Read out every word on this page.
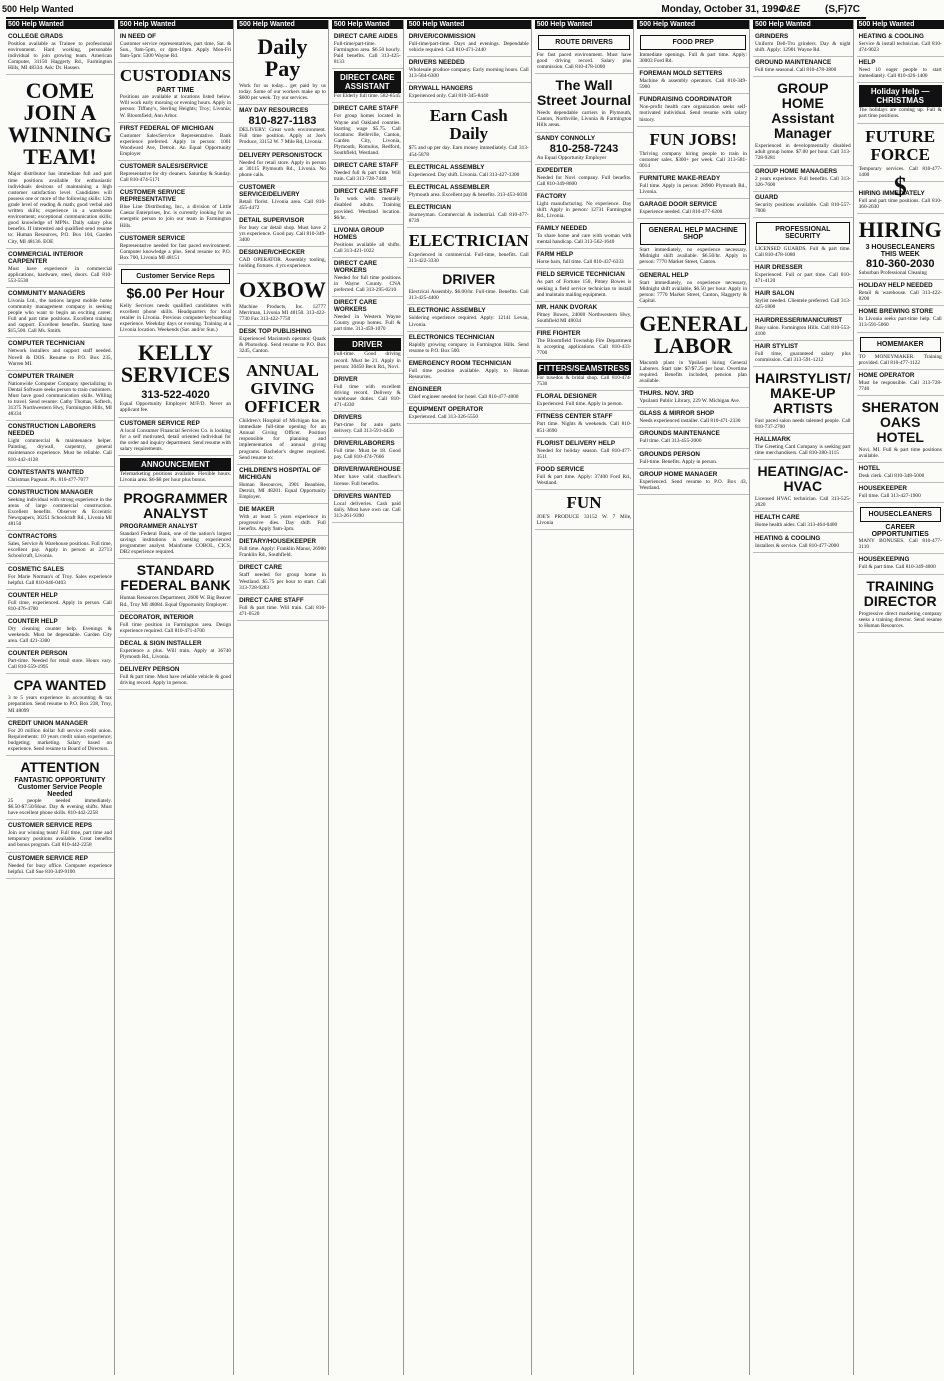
500 Help Wanted	Monday, October 31, 1994
O&E	(S,F)7C
500 Help Wanted
COLLEGE GRADS
Position available as Trainee to professional environment. Hard working, personable individual to join growing team. American Computer, 31150 Haggerty Rd., Farmington Hills, MI 48334. Ask: Dr. Hassen.
COME JOIN A WINNING TEAM!
Major distributor has immediate full and part time positions available for enthusiastic individuals desirous of maintaining a high customer satisfaction level. Candidates will possess one or more of the following skills: 12th grade level of reading & math; good verbal and written skills; experience in a warehouse environment; exceptional communication skills; good knowledge of MPNs. Daily salary plus benefits. If interested and qualified send resume to: Human Resources, P.O. Box 104, Garden City, MI 48136. EOE
COMMERCIAL INTERIOR CARPENTER
Must have experience in commercial applications, hardware, steel, doors. Call 810-553-5530
COMMUNITY MANAGERS
Livonia Ltd., the nations largest mobile home community management company is seeking people who want to begin an exciting career. Full and part time positions. Excellent training and support. Excellent benefits. Starting base $15,500. Call Ms. Smith.
COMPUTER TECHNICIAN
Network installers and support staff needed. Novell & DOS. Resume to P.O. Box 235, Warren MI.
COMPUTER TRAINER
Nationwide Computer Company specializing in Dental Software seeks person to train customers. Must have good communication skills. Willing to travel. Send resume: Cathy Thomas, Softech, 31375 Northwestern Hwy, Farmington Hills, MI 48334
CONSTRUCTION LABORERS NEEDED
Light commercial & maintenance helper. Painting, drywall, carpentry, general maintenance experience. Must be reliable. Call 810-442-4128
CONTESTANTS WANTED
Christmas Pageant. Ph. 810-477-7077
CONSTRUCTION MANAGER
Seeking individual with strong experience in the areas of large commercial construction. Excellent benefits. Observer & Eccentric Newspapers, 36251 Schoolcraft Rd., Livonia MI 48150
CONTRACTORS
Sales, Service & Warehouse positions. Full time, excellent pay. Apply in person at 22713 Schoolcraft, Livonia.
COSMETIC SALES
For Marie Norman's of Troy. Sales experience helpful. Call 810-646-0403
COUNTER HELP
Full time, experienced. Apply in person. Call 810-476-4700
COUNTER HELP
Dry cleaning counter help. Evenings & weekends. Must be dependable. Garden City area. Call 421-3300
COUNTER PERSON
Part-time. Needed for retail store. Hours vary. Call 810-559-1995
CPA WANTED
3 to 5 years experience in accounting & tax preparation. Send resume to P.O. Box 238, Troy, MI 48099
CREDIT UNION MANAGER
For 20 million dollar full service credit union. Requirements: 10 years credit union experience; budgeting; marketing. Salary based on experience. Send resume to Board of Directors.
ATTENTION
FANTASTIC OPPORTUNITY Customer Service People Needed
25 people needed immediately. $6.50-$7.50/Hour. Day & evening shifts. Must have excellent phone skills. 810-442-2258
CUSTOMER SERVICE REPS
Join our winning team! Full time, part time and temporary positions available. Great benefits and bonus program. Call 810-442-2258
CUSTOMER SERVICE REP
Needed for busy office. Computer experience helpful. Call Sue 810-349-9100
500 Help Wanted
IN NEED OF
Customer service representatives, part time, Sat. & Sun., 9am-5pm, or 4pm-10pm. Apply Mon-Fri 9am-5pm: 5300 Wayne Rd.
CUSTODIANS
PART TIME
Positions are available at locations listed below. Will work early morning or evening hours. Apply in person: Tiffany's, Sterling Heights; Troy; Livonia; W. Bloomfield; Ann Arbor.
FIRST FEDERAL OF MICHIGAN
Customer Sales/Service Representative. Bank experience preferred. Apply in person: 1001 Woodward Ave, Detroit. An Equal Opportunity Employer
CUSTOMER SALES/SERVICE
Representative for dry cleaners. Saturday & Sunday. Call 810-474-5171
CUSTOMER SERVICE REPRESENTATIVE
Blue Line Distributing, Inc., a division of Little Caesar Enterprises, Inc. is currently looking for an energetic person to join our team in Farmington Hills.
CUSTOMER SERVICE
Representative needed for fast paced environment. Computer knowledge a plus. Send resume to: P.O. Box 700, Livonia MI 48151
Customer Service Reps
$6.00 Per Hour
Kelly Services needs qualified candidates with excellent phone skills. Headquarters for local retailer in Livonia. Previous computer/keyboarding experience. Weekday days or evening. Training at a Livonia location. Weekends (Sat. and/or Sun.)
KELLY SERVICES
313-522-4020
Equal Opportunity Employer M/F/D. Never an applicant fee.
CUSTOMER SERVICE REP
A local Consumer Financial Services Co. is looking for a self motivated, detail oriented individual for the order and inquiry department. Send resume with salary requirements.
ANNOUNCEMENT
Telemarketing positions available. Flexible hours. Livonia area. $6-$8 per hour plus bonus.
PROGRAMMER ANALYST
PROGRAMMER ANALYST
Standard Federal Bank, one of the nation's largest savings institutions is seeking experienced programmer analyst. Mainframe COBOL, CICS, DB2 experience required.
STANDARD FEDERAL BANK
Human Resources Department, 2600 W. Big Beaver Rd., Troy MI 48084. Equal Opportunity Employer.
DECORATOR, INTERIOR
Full time position in Farmington area. Design experience required. Call 810-471-4700
DECAL & SIGN INSTALLER
Experience a plus. Will train. Apply at 36740 Plymouth Rd., Livonia.
DELIVERY PERSON
Full & part time. Must have reliable vehicle & good driving record. Apply in person.
500 Help Wanted
Daily Pay
Work for us today... get paid by us today. Some of our workers make up to $600 per week. Try our services.
MAY DAY RESOURCES
810-827-1183
DELIVERY: Great work environment. Full time position. Apply at Joe's Produce, 33152 W. 7 Mile Rd, Livonia.
DELIVERY PERSON/STOCK
Needed for retail store. Apply in person at 30115 Plymouth Rd., Livonia. No phone calls.
CUSTOMER SERVICE/DELIVERY
Retail florist. Livonia area. Call 810-455-4472
DETAIL SUPERVISOR
For busy car detail shop. Must have 2 yrs experience. Good pay. Call 810-349-3400
DESIGNER/CHECKER
CAD OPERATOR. Assembly tooling, holding fixtures. 4 yrs experience.
OXBOW
Machine Products, Inc. 12777 Merriman, Livonia MI 48150. 313-422-7730 Fax 313-422-7750
DESK TOP PUBLISHING
Experienced Macintosh operator. Quark & Photoshop. Send resume to P.O. Box 3245, Canton.
ANNUAL GIVING OFFICER
Children's Hospital of Michigan has an immediate full-time opening for an Annual Giving Officer. Position responsible for planning and implementation of annual giving programs. Bachelor's degree required. Send resume to:
CHILDREN'S HOSPITAL OF MICHIGAN
Human Resources, 3901 Beaubien, Detroit, MI 48201. Equal Opportunity Employer.
DIE MAKER
With at least 5 years experience in progressive dies. Day shift. Full benefits. Apply 9am-3pm.
DIETARY/HOUSEKEEPER
Full time. Apply: Franklin Manor, 26900 Franklin Rd., Southfield.
DIRECT CARE
Staff needed for group home in Westland. $5.75 per hour to start. Call 313-728-9283
DIRECT CARE STAFF
Full & part time. Will train. Call 810-471-0520
500 Help Wanted
DIRECT CARE AIDES
Full-time/part-time. Farmington area. $6.50 hourly. Paid benefits. Call 313-425-8133
DIRECT CARE ASSISTANT
For Elderly full time. 582-8545
DIRECT CARE STAFF
For group homes located in Wayne and Oakland counties. Starting wage $5.75. Call locations: Belleville, Canton, Garden City, Livonia, Plymouth, Romulus, Redford, Southfield, Westland.
DIRECT CARE STAFF
Needed full & part time. Will train. Call 313-728-7440
DIRECT CARE STAFF
To work with mentally disabled adults. Training provided. Westland location. $6/hr.
LIVONIA GROUP HOMES
Positions available all shifts. Call 313-421-1022
DIRECT CARE WORKERS
Needed for full time positions in Wayne County. CNA preferred. Call 313-295-0210
DIRECT CARE WORKERS
Needed in Western Wayne County group homes. Full & part time. 313-459-1070
DRIVER
Full-time. Good driving record. Must be 21. Apply in person: 30450 Beck Rd., Novi.
DRIVER
Full time with excellent driving record. Delivery & warehouse duties. Call 810-471-4330
DRIVERS
Part-time for auto parts delivery. Call 313-591-4430
DRIVER/LABORERS
Full time. Must be 18. Good pay. Call 810-474-7666
DRIVER/WAREHOUSE
Must have valid chauffeur's license. Full benefits.
DRIVERS WANTED
Local deliveries. Cash paid daily. Must have own car. Call 313-261-9390
500 Help Wanted
DRIVER/COMMISSION
Full-time/part-time. Days and evenings. Dependable vehicle required. Call 810-471-2440
DRIVERS NEEDED
Wholesale produce company. Early morning hours. Call 313-584-6300
DRYWALL HANGERS
Experienced only. Call 810-345-8440
Earn Cash Daily
$75 and up per day. Earn money immediately. Call 313-454-5878
ELECTRICAL ASSEMBLY
Experienced. Day shift. Livonia. Call 313-427-1300
ELECTRICAL ASSEMBLER
Plymouth area. Excellent pay & benefits. 313-453-6030
ELECTRICIAN
Journeyman. Commercial & industrial. Call 810-477-8739
ELECTRICIAN
Experienced in commercial. Full-time, benefits. Call 313-422-3330
DRIVER
Electrical Assembly. $6.00/hr. Full-time. Benefits. Call 313-425-4400
ELECTRONIC ASSEMBLY
Soldering experience required. Apply: 12141 Levan, Livonia.
ELECTRONICS TECHNICIAN
Rapidly growing company in Farmington Hills. Send resume to P.O. Box 500.
EMERGENCY ROOM TECHNICIAN
Full time position available. Apply to Human Resources.
ENGINEER
Chief engineer needed for hotel. Call 810-477-4000
EQUIPMENT OPERATOR
Experienced. Call 313-326-5550
500 Help Wanted
ROUTE DRIVERS
For fast paced environment. Must have good driving record. Salary plus commission. Call 810-478-1000
The Wall Street Journal
Needs dependable carriers in Plymouth, Canton, Northville, Livonia & Farmington Hills areas.
SANDY CONNOLLY
810-258-7243
An Equal Opportunity Employer
EXPEDITER
Needed for Novi company. Full benefits. Call 810-349-8600
FACTORY
Light manufacturing. No experience. Day shift. Apply in person: 12731 Farmington Rd., Livonia.
FAMILY NEEDED
To share home and care with woman with mental handicap. Call 313-562-1640
FARM HELP
Horse barn, full time. Call 810-437-6333
FIELD SERVICE TECHNICIAN
As part of Fortune 150, Pitney Bowes is seeking a field service technician to install and maintain mailing equipment.
MR. HANK DVORAK
Pitney Bowes, 24000 Northwestern Hwy, Southfield MI 48034
FIRE FIGHTER
The Bloomfield Township Fire Department is accepting applications. Call 810-433-7700
FITTERS/SEAMSTRESS
For tuxedos & bridal shop. Call 810-474-7530
FLORAL DESIGNER
Experienced. Full time. Apply in person.
FITNESS CENTER STAFF
Part time. Nights & weekends. Call 810-851-3690
FLORIST DELIVERY HELP
Needed for holiday season. Call 810-477-3511
FOOD SERVICE
Full & part time. Apply: 37400 Ford Rd., Westland.
FUN
JOE'S PRODUCE 33152 W. 7 Mile, Livonia
500 Help Wanted
FOOD PREP
Immediate openings. Full & part time. Apply: 30003 Ford Rd.
FOREMAN MOLD SETTERS
Machine & assembly operators. Call 810-349-5900
FUNDRAISING COORDINATOR
Non-profit health care organization seeks self-motivated individual. Send resume with salary history.
FUN JOBS!
Thriving company hiring people to train in customer sales. $300+ per week. Call 313-581-0014
FURNITURE MAKE-READY
Full time. Apply in person: 28900 Plymouth Rd., Livonia.
GARAGE DOOR SERVICE
Experience needed. Call 810-477-6200
GENERAL HELP MACHINE SHOP
Start immediately, no experience necessary. Midnight shift available. $6.50/hr. Apply in person: 7770 Market Street, Canton.
GENERAL HELP
Start immediately, no experience necessary, Midnight shift available, $6.50 per hour. Apply in person: 7770 Market Street, Canton, Haggerty & Capital.
GENERAL LABOR
Macomb plant in Ypsilanti hiring General Laborers. Start rate: $7/$7.25 per hour. Overtime required. Benefits included, pension plan available.
THURS. NOV. 3RD
Ypsilanti Public Library, 229 W. Michigan Ave.
GLASS & MIRROR SHOP
Needs experienced installer. Call 810-471-2330
GROUNDS MAINTENANCE
Full time. Call 313-455-2000
GROUNDS PERSON
Full-time. Benefits. Apply in person.
GROUP HOME MANAGER
Experienced. Send resume to P.O. Box 43, Westland.
500 Help Wanted
GRINDERS
Uniform Dell-Tru grinders. Day & night shift. Apply: 12901 Wayne Rd.
GROUND MAINTENANCE
Full time seasonal. Call 810-478-3800
GROUP HOME Assistant Manager
Experienced in developmentally disabled adult group home. $7.00 per hour. Call 313-728-9281
GROUP HOME MANAGERS
2 years experience. Full benefits. Call 313-326-7600
GUARD
Security positions available. Call 810-557-7000
PROFESSIONAL SECURITY
LICENSED GUARDS. Full & part time. Call 810-478-1080
HAIR DRESSER
Experienced. Full or part time. Call 810-471-4120
HAIR SALON
Stylist needed. Clientele preferred. Call 313-425-1800
HAIRDRESSER/MANICURIST
Busy salon. Farmington Hills. Call 810-553-4100
HAIR STYLIST
Full time, guaranteed salary plus commission. Call 313-591-1212
HAIRSTYLIST/ MAKE-UP ARTISTS
Fast paced salon needs talented people. Call 810-737-2700
HALLMARK
The Greeting Card Company is seeking part time merchandisers. Call 810-380-3115
HEATING/AC-HVAC
Licensed HVAC technician. Call 313-525-2020
HEALTH CARE
Home health aides. Call 313-464-0400
HEATING & COOLING
Installers & service. Call 810-477-2000
500 Help Wanted
HEATING & COOLING
Service & install technician. Call 810-474-9023
HELP
Need 10 eager people to start immediately. Call 810-426-1400
Holiday Help — CHRISTMAS
The holidays are coming up. Full & part time positions.
FUTURE FORCE
Temporary services. Call 810-477-1400 $
HIRING IMMEDIATELY
Full and part time positions. Call 810-360-2030
HIRING
3 HOUSECLEANERS THIS WEEK
810-360-2030
Suburban Professional Cleaning
HOLIDAY HELP NEEDED
Retail & warehouse. Call 313-422-8200
HOME BREWING STORE
In Livonia seeks part-time help. Call 313-591-5060
HOMEMAKER
TO MONEYMAKER. Training provided. Call 810-477-1122
HOME OPERATOR
Must be responsible. Call 313-728-7740
SHERATON OAKS HOTEL
Novi, MI. Full & part time positions available.
HOTEL
Desk clerk. Call 810-348-5000
HOUSEKEEPER
Full time. Call 313-427-1900
HOUSECLEANERS
CAREER OPPORTUNITIES
MANY BONUSES. Call 810-477-3110
HOUSEKEEPING
Full & part time. Call 810-349-4000
TRAINING DIRECTOR
Progressive direct marketing company seeks a training director. Send resume to Human Resources.
